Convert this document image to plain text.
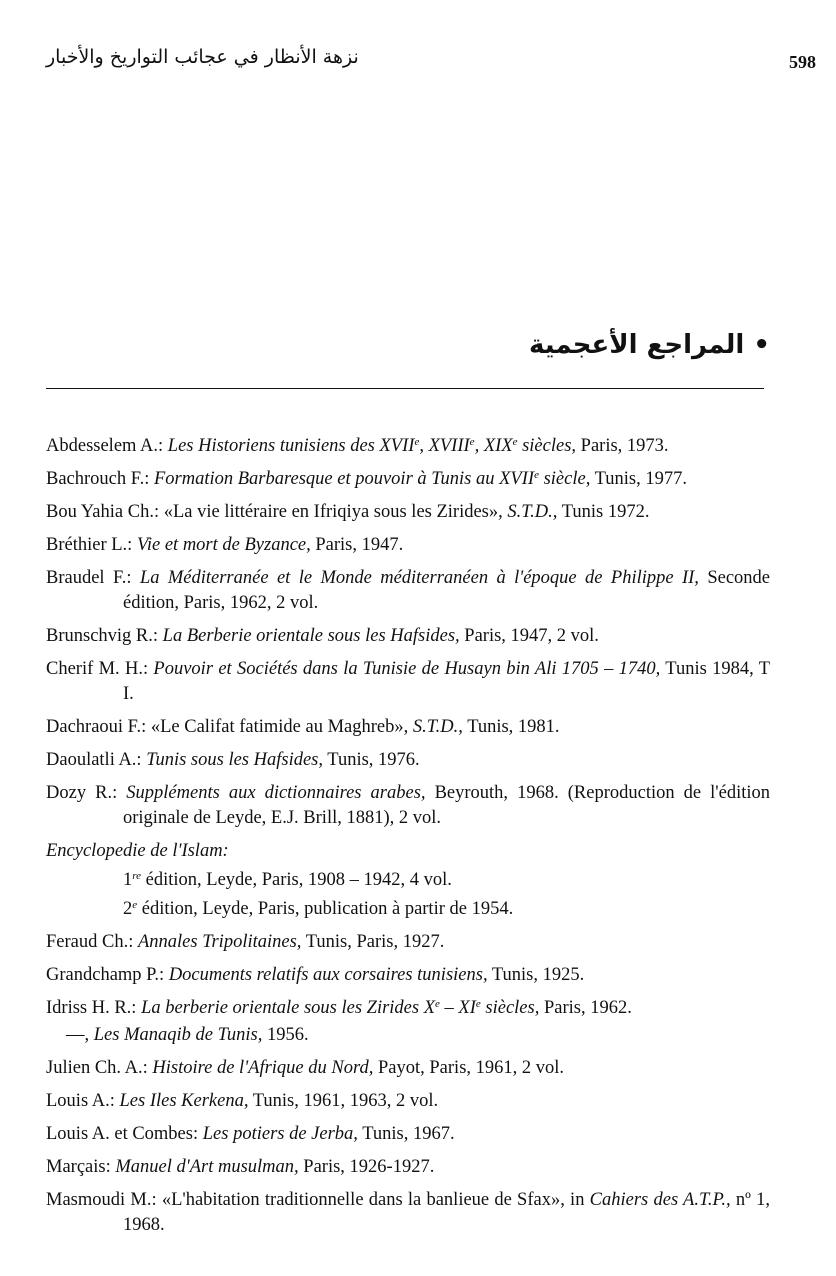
نزهة الأنظار في عجائب التواريخ والأخبار	598
• المراجع الأعجمية
Abdesselem A.: Les Historiens tunisiens des XVIIe, XVIIIe, XIXe siècles, Paris, 1973.
Bachrouch F.: Formation Barbaresque et pouvoir à Tunis au XVIIe siècle, Tunis, 1977.
Bou Yahia Ch.: «La vie littéraire en Ifriqiya sous les Zirides», S.T.D., Tunis 1972.
Bréthier L.: Vie et mort de Byzance, Paris, 1947.
Braudel F.: La Méditerranée et le Monde méditerranéen à l'époque de Philippe II, Seconde édition, Paris, 1962, 2 vol.
Brunschvig R.: La Berberie orientale sous les Hafsides, Paris, 1947, 2 vol.
Cherif M. H.: Pouvoir et Sociétés dans la Tunisie de Husayn bin Ali 1705 – 1740, Tunis 1984, T I.
Dachraoui F.: «Le Califat fatimide au Maghreb», S.T.D., Tunis, 1981.
Daoulatli A.: Tunis sous les Hafsides, Tunis, 1976.
Dozy R.: Suppléments aux dictionnaires arabes, Beyrouth, 1968. (Reproduction de l'édition originale de Leyde, E.J. Brill, 1881), 2 vol.
Encyclopedie de l'Islam:
1re édition, Leyde, Paris, 1908 – 1942, 4 vol.
2e édition, Leyde, Paris, publication à partir de 1954.
Feraud Ch.: Annales Tripolitaines, Tunis, Paris, 1927.
Grandchamp P.: Documents relatifs aux corsaires tunisiens, Tunis, 1925.
Idriss H. R.: La berberie orientale sous les Zirides Xe – XIe siècles, Paris, 1962.
—, Les Manaqib de Tunis, 1956.
Julien Ch. A.: Histoire de l'Afrique du Nord, Payot, Paris, 1961, 2 vol.
Louis A.: Les Iles Kerkena, Tunis, 1961, 1963, 2 vol.
Louis A. et Combes: Les potiers de Jerba, Tunis, 1967.
Marçais: Manuel d'Art musulman, Paris, 1926-1927.
Masmoudi M.: «L'habitation traditionnelle dans la banlieue de Sfax», in Cahiers des A.T.P., nº 1, 1968.
